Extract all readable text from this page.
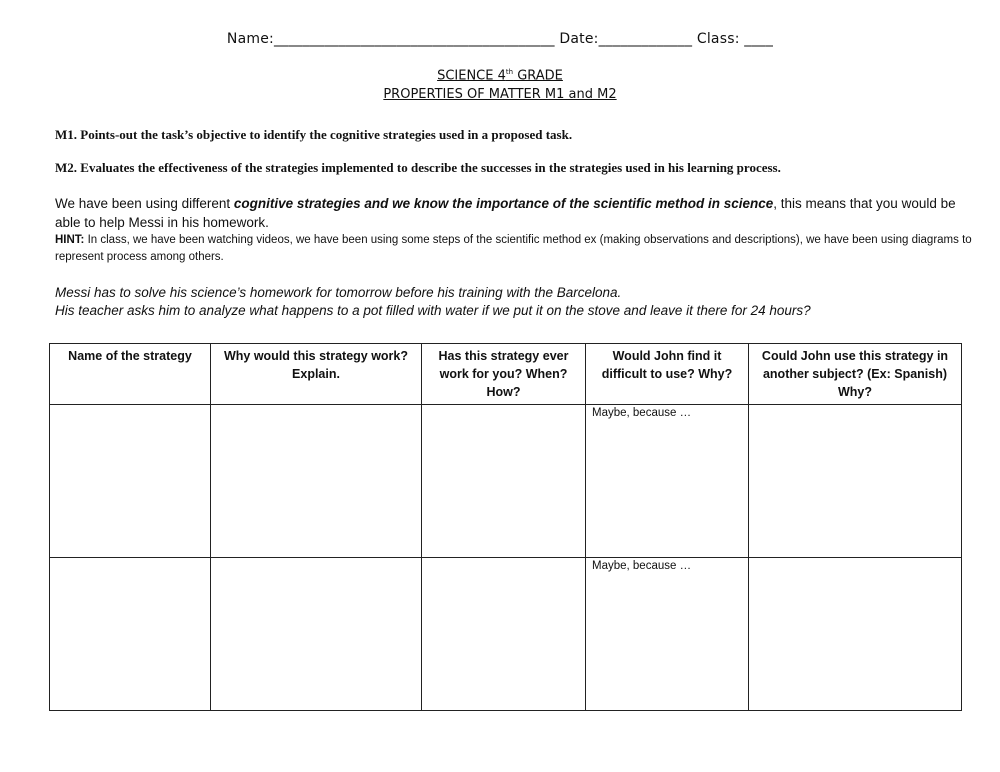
Name:_______________________________________ Date:_____________ Class: ____
SCIENCE 4th GRADE
PROPERTIES OF MATTER M1 and M2
M1. Points-out the task’s objective to identify the cognitive strategies used in a proposed task.
M2. Evaluates the effectiveness of the strategies implemented to describe the successes in the strategies used in his learning process.
We have been using different cognitive strategies and we know the importance of the scientific method in science, this means that you would be able to help Messi in his homework.
HINT: In class, we have been watching videos, we have been using some steps of the scientific method ex (making observations and descriptions), we have been using diagrams to represent process among others.
Messi has to solve his science’s homework for tomorrow before his training with the Barcelona.
His teacher asks him to analyze what happens to a pot filled with water if we put it on the stove and leave it there for 24 hours?
Name of the strategy	Why would this strategy work? Explain.	Has this strategy ever work for you? When? How?	Would John find it difficult to use? Why?	Could John use this strategy in another subject? (Ex: Spanish) Why?
			Maybe, because …	
			Maybe, because …	
